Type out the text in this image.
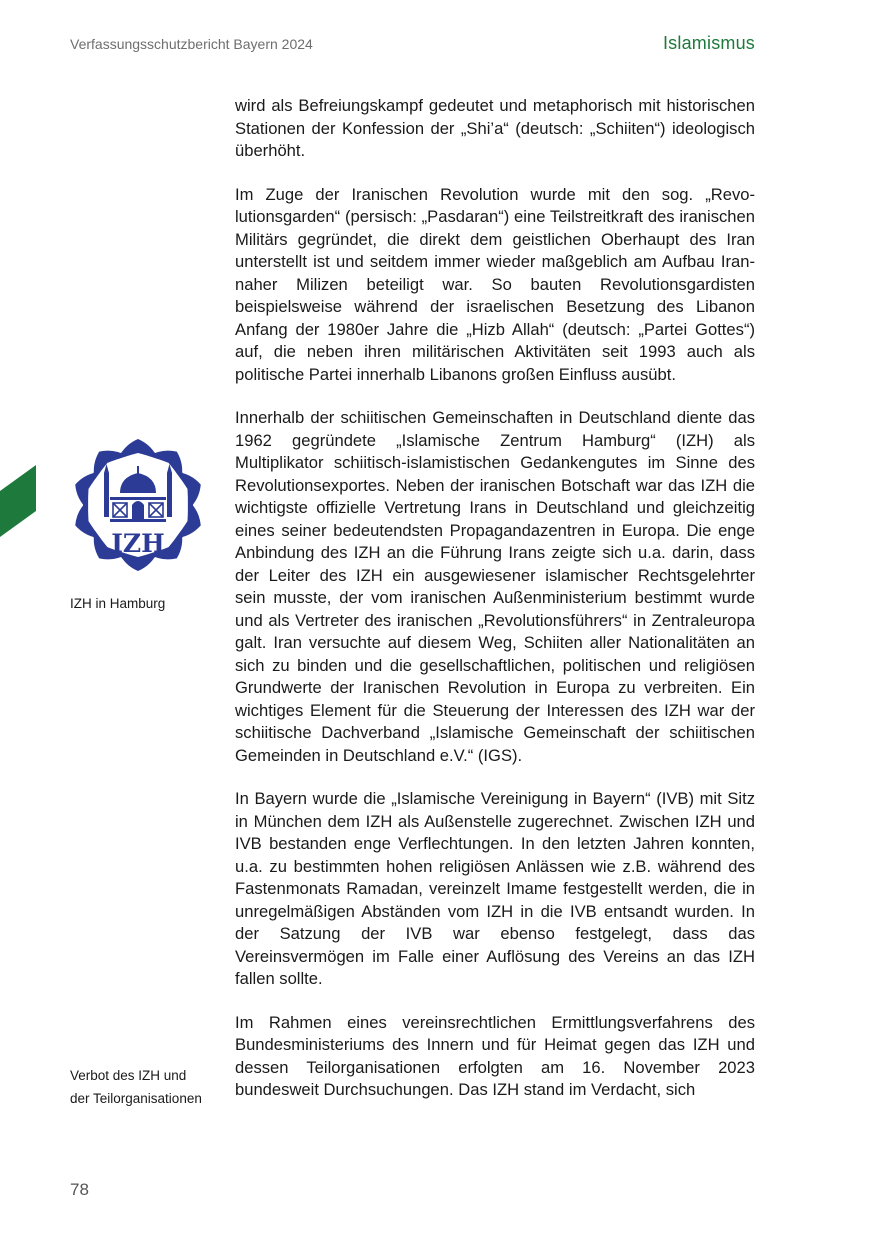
Verfassungsschutzbericht Bayern 2024	Islamismus

wird als Befreiungskampf gedeutet und metaphorisch mit historischen Stationen der Konfession der „Shi’a“ (deutsch: „Schiiten“) ideologisch überhöht.

Im Zuge der Iranischen Revolution wurde mit den sog. „Revolutionsgarden“ (persisch: „Pasdaran“) eine Teilstreitkraft des iranischen Militärs gegründet, die direkt dem geistlichen Oberhaupt des Iran unterstellt ist und seitdem immer wieder maßgeblich am Aufbau Iran-naher Milizen beteiligt war. So bauten Revolutionsgardisten beispielsweise während der israelischen Besetzung des Libanon Anfang der 1980er Jahre die „Hizb Allah“ (deutsch: „Partei Gottes“) auf, die neben ihren militärischen Aktivitäten seit 1993 auch als politische Partei innerhalb Libanons großen Einfluss ausübt.

Innerhalb der schiitischen Gemeinschaften in Deutschland diente das 1962 gegründete „Islamische Zentrum Hamburg“ (IZH) als Multiplikator schiitisch-islamistischen Gedankengutes im Sinne des Revolutionsexportes. Neben der iranischen Botschaft war das IZH die wichtigste offizielle Vertretung Irans in Deutschland und gleichzeitig eines seiner bedeutendsten Propagandazentren in Europa. Die enge Anbindung des IZH an die Führung Irans zeigte sich u.a. darin, dass der Leiter des IZH ein ausgewiesener islamischer Rechtsgelehrter sein musste, der vom iranischen Außenministerium bestimmt wurde und als Vertreter des iranischen „Revolutionsführers“ in Zentraleuropa galt. Iran versuchte auf diesem Weg, Schiiten aller Nationalitäten an sich zu binden und die gesellschaftlichen, politischen und religiösen Grundwerte der Iranischen Revolution in Europa zu verbreiten. Ein wichtiges Element für die Steuerung der Interessen des IZH war der schiitische Dachverband „Islamische Gemeinschaft der schiitischen Gemeinden in Deutschland e.V.“ (IGS).

In Bayern wurde die „Islamische Vereinigung in Bayern“ (IVB) mit Sitz in München dem IZH als Außenstelle zugerechnet. Zwischen IZH und IVB bestanden enge Verflechtungen. In den letzten Jahren konnten, u.a. zu bestimmten hohen religiösen Anlässen wie z.B. während des Fastenmonats Ramadan, vereinzelt Imame festgestellt werden, die in unregelmäßigen Abständen vom IZH in die IVB entsandt wurden. In der Satzung der IVB war ebenso festgelegt, dass das Vereinsvermögen im Falle einer Auflösung des Vereins an das IZH fallen sollte.

Im Rahmen eines vereinsrechtlichen Ermittlungsverfahrens des Bundesministeriums des Innern und für Heimat gegen das IZH und dessen Teilorganisationen erfolgten am 16. November 2023 bundesweit Durchsuchungen. Das IZH stand im Verdacht, sich

IZH
IZH in Hamburg
Verbot des IZH und
der Teilorganisationen
78
